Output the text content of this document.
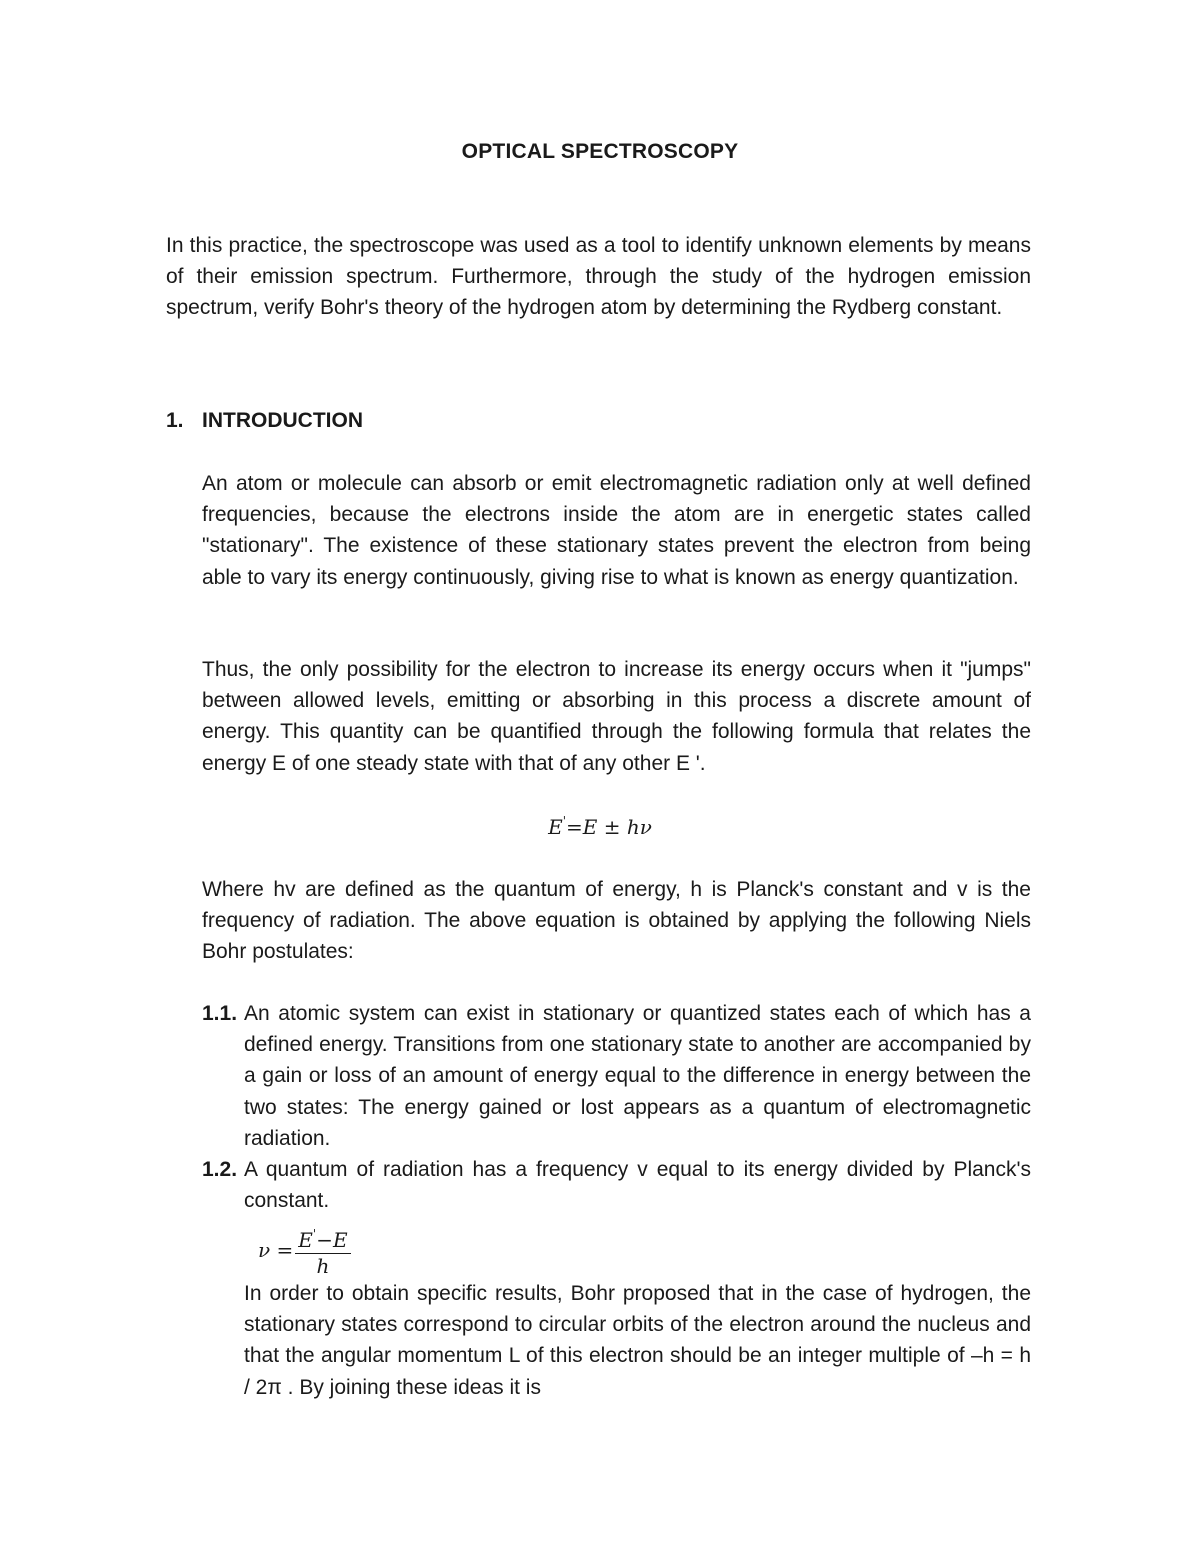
OPTICAL SPECTROSCOPY
In this practice, the spectroscope was used as a tool to identify unknown elements by means of their emission spectrum. Furthermore, through the study of the hydrogen emission spectrum, verify Bohr's theory of the hydrogen atom by determining the Rydberg constant.
1. INTRODUCTION
An atom or molecule can absorb or emit electromagnetic radiation only at well defined frequencies, because the electrons inside the atom are in energetic states called "stationary". The existence of these stationary states prevent the electron from being able to vary its energy continuously, giving rise to what is known as energy quantization.
Thus, the only possibility for the electron to increase its energy occurs when it "jumps" between allowed levels, emitting or absorbing in this process a discrete amount of energy. This quantity can be quantified through the following formula that relates the energy E of one steady state with that of any other E '.
E'=E ± hν
Where hv are defined as the quantum of energy, h is Planck's constant and v is the frequency of radiation. The above equation is obtained by applying the following Niels Bohr postulates:
1.1. An atomic system can exist in stationary or quantized states each of which has a defined energy. Transitions from one stationary state to another are accompanied by a gain or loss of an amount of energy equal to the difference in energy between the two states: The energy gained or lost appears as a quantum of electromagnetic radiation.
1.2. A quantum of radiation has a frequency v equal to its energy divided by Planck's constant.
$\nu = \frac{E'-E}{h}$
In order to obtain specific results, Bohr proposed that in the case of hydrogen, the stationary states correspond to circular orbits of the electron around the nucleus and that the angular momentum L of this electron should be an integer multiple of –h = h / 2π . By joining these ideas it is
